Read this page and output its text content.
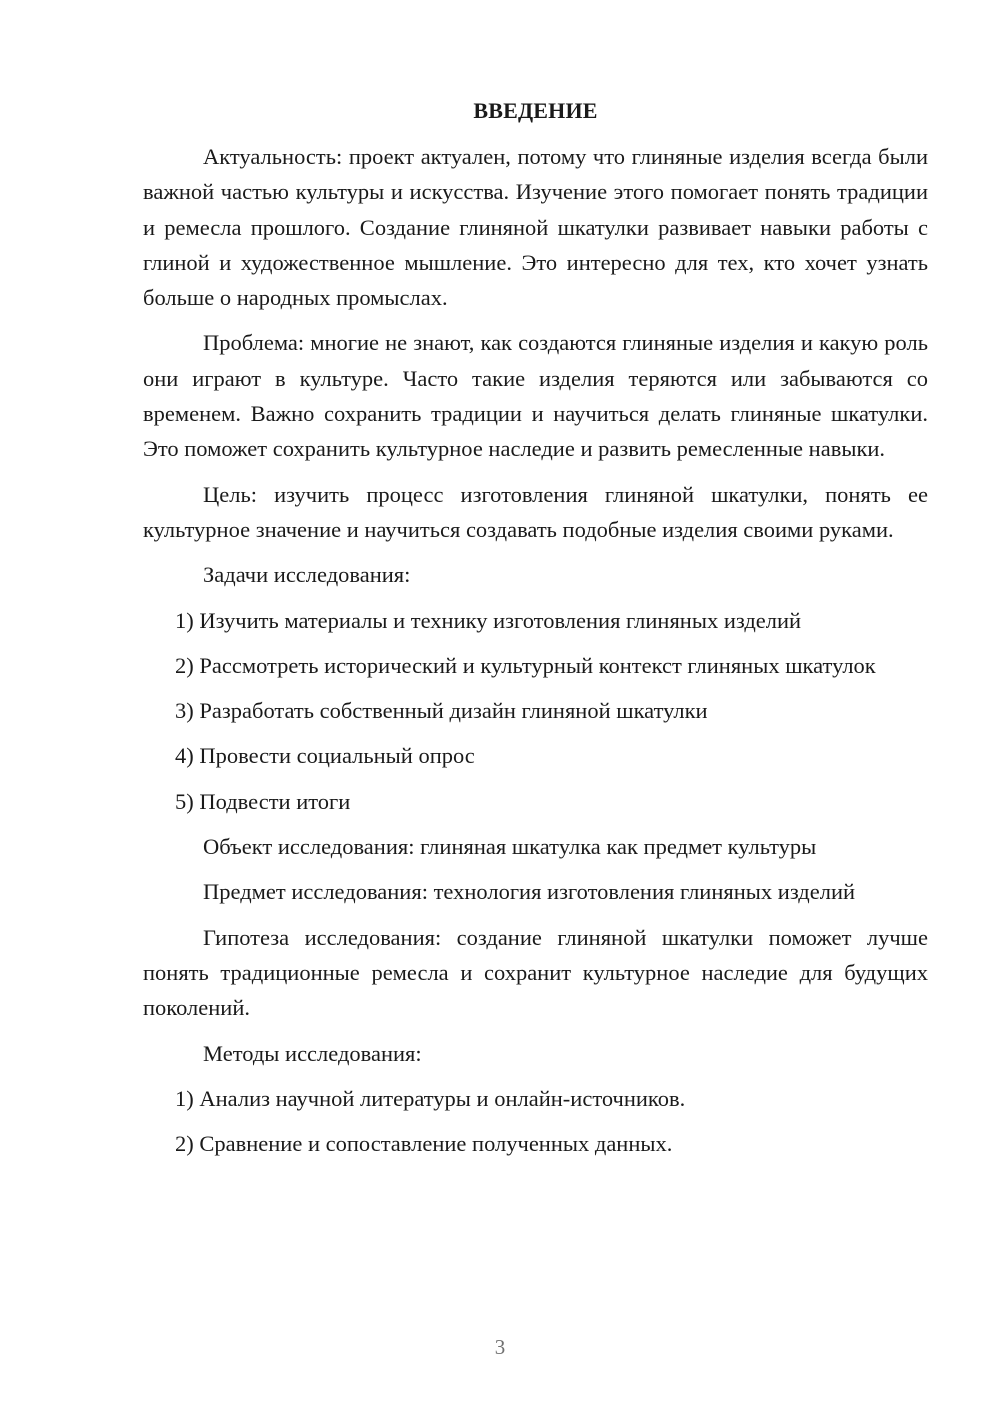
ВВЕДЕНИЕ

Актуальность: проект актуален, потому что глиняные изделия всегда были важной частью культуры и искусства. Изучение этого помогает понять традиции и ремесла прошлого. Создание глиняной шкатулки развивает навыки работы с глиной и художественное мышление. Это интересно для тех, кто хочет узнать больше о народных промыслах.

Проблема: многие не знают, как создаются глиняные изделия и какую роль они играют в культуре. Часто такие изделия теряются или забываются со временем. Важно сохранить традиции и научиться делать глиняные шкатулки. Это поможет сохранить культурное наследие и развить ремесленные навыки.

Цель: изучить процесс изготовления глиняной шкатулки, понять ее культурное значение и научиться создавать подобные изделия своими руками.

Задачи исследования:

1) Изучить материалы и технику изготовления глиняных изделий

2) Рассмотреть исторический и культурный контекст глиняных шкатулок

3) Разработать собственный дизайн глиняной шкатулки

4) Провести социальный опрос

5) Подвести итоги

Объект исследования: глиняная шкатулка как предмет культуры

Предмет исследования: технология изготовления глиняных изделий

Гипотеза исследования: создание глиняной шкатулки поможет лучше понять традиционные ремесла и сохранит культурное наследие для будущих поколений.

Методы исследования:

1) Анализ научной литературы и онлайн-источников.

2) Сравнение и сопоставление полученных данных.

3
